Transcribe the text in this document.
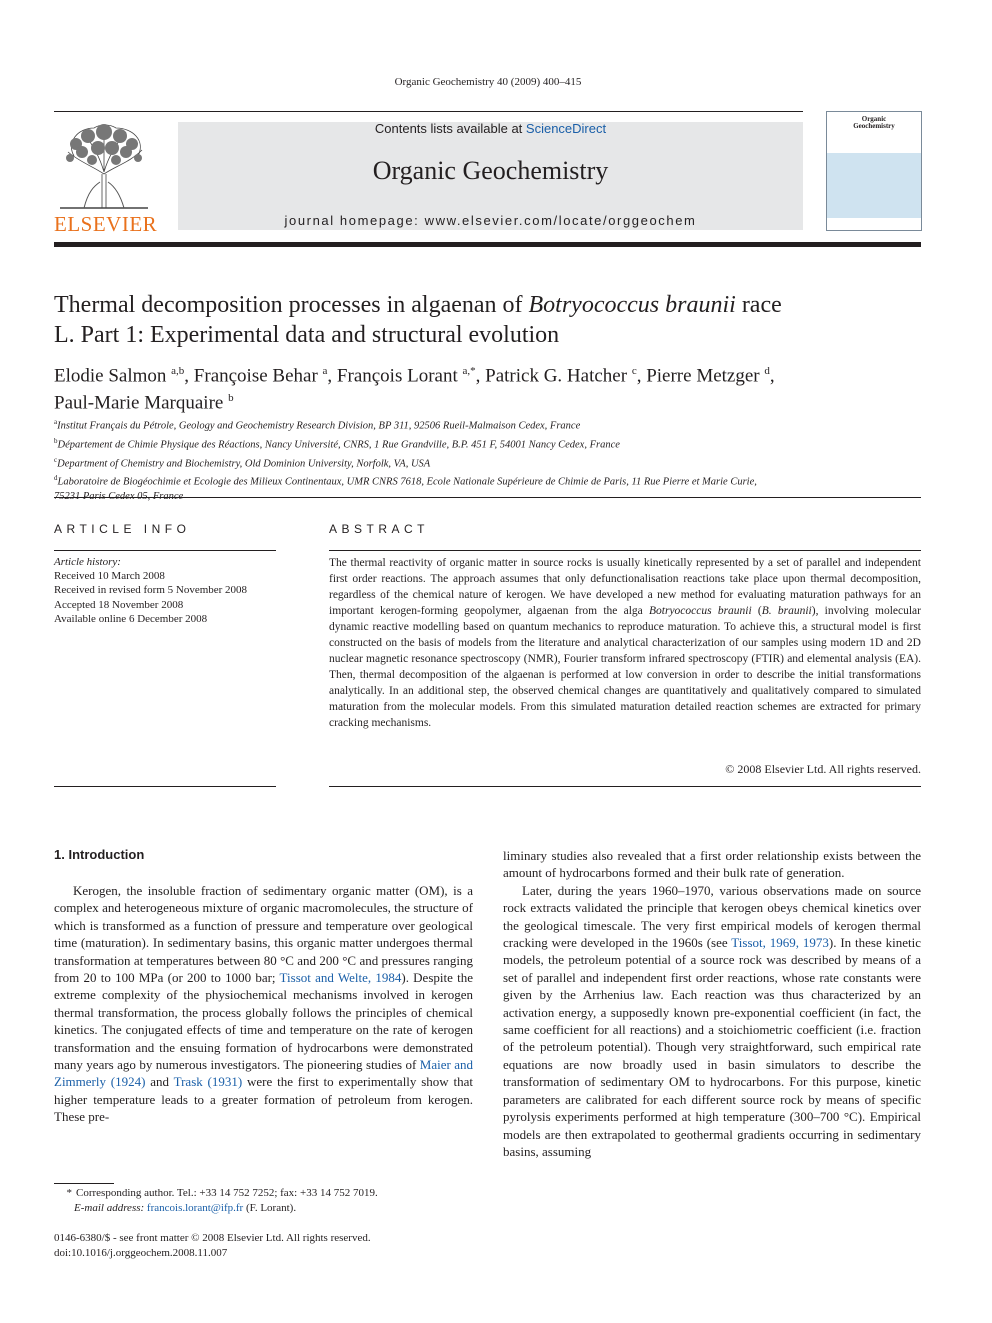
Organic Geochemistry 40 (2009) 400–415
ELSEVIER
Contents lists available at ScienceDirect
Organic Geochemistry
journal homepage: www.elsevier.com/locate/orggeochem
Organic
Geochemistry
Thermal decomposition processes in algaenan of Botryococcus braunii race
L. Part 1: Experimental data and structural evolution
Elodie Salmon $^{a,b}$, Françoise Behar $^a$, François Lorant $^{a,*}$, Patrick G. Hatcher $^c$, Pierre Metzger $^d$,
Paul-Marie Marquaire $^b$
$^a$Institut Français du Pétrole, Geology and Geochemistry Research Division, BP 311, 92506 Rueil-Malmaison Cedex, France
$^b$Département de Chimie Physique des Réactions, Nancy Université, CNRS, 1 Rue Grandville, B.P. 451 F, 54001 Nancy Cedex, France
$^c$Department of Chemistry and Biochemistry, Old Dominion University, Norfolk, VA, USA
$^d$Laboratoire de Biogéochimie et Ecologie des Milieux Continentaux, UMR CNRS 7618, Ecole Nationale Supérieure de Chimie de Paris, 11 Rue Pierre et Marie Curie,
75231 Paris Cedex 05, France
ARTICLE INFO
Article history:
Received 10 March 2008
Received in revised form 5 November 2008
Accepted 18 November 2008
Available online 6 December 2008
ABSTRACT
The thermal reactivity of organic matter in source rocks is usually kinetically represented by a set of parallel and independent first order reactions. The approach assumes that only defunctionalisation reactions take place upon thermal decomposition, regardless of the chemical nature of kerogen. We have developed a new method for evaluating maturation pathways for an important kerogen-forming geopolymer, algaenan from the alga Botryococcus braunii (B. braunii), involving molecular dynamic reactive modelling based on quantum mechanics to reproduce maturation. To achieve this, a structural model is first constructed on the basis of models from the literature and analytical characterization of our samples using modern 1D and 2D nuclear magnetic resonance spectroscopy (NMR), Fourier transform infrared spectroscopy (FTIR) and elemental analysis (EA). Then, thermal decomposition of the algaenan is performed at low conversion in order to describe the initial transformations analytically. In an additional step, the observed chemical changes are quantitatively and qualitatively compared to simulated maturation from the molecular models. From this simulated maturation detailed reaction schemes are extracted for primary cracking mechanisms.
© 2008 Elsevier Ltd. All rights reserved.
1. Introduction

Kerogen, the insoluble fraction of sedimentary organic matter (OM), is a complex and heterogeneous mixture of organic macromolecules, the structure of which is transformed as a function of pressure and temperature over geological time (maturation). In sedimentary basins, this organic matter undergoes thermal transformation at temperatures between 80 °C and 200 °C and pressures ranging from 20 to 100 MPa (or 200 to 1000 bar; Tissot and Welte, 1984). Despite the extreme complexity of the physiochemical mechanisms involved in kerogen thermal transformation, the process globally follows the principles of chemical kinetics. The conjugated effects of time and temperature on the rate of kerogen transformation and the ensuing formation of hydrocarbons were demonstrated many years ago by numerous investigators. The pioneering studies of Maier and Zimmerly (1924) and Trask (1931) were the first to experimentally show that higher temperature leads to a greater formation of petroleum from kerogen. These pre-

liminary studies also revealed that a first order relationship exists between the amount of hydrocarbons formed and their bulk rate of generation.

Later, during the years 1960–1970, various observations made on source rock extracts validated the principle that kerogen obeys chemical kinetics over the geological timescale. The very first empirical models of kerogen thermal cracking were developed in the 1960s (see Tissot, 1969, 1973). In these kinetic models, the petroleum potential of a source rock was described by means of a set of parallel and independent first order reactions, whose rate constants were given by the Arrhenius law. Each reaction was thus characterized by an activation energy, a supposedly known pre-exponential coefficient (in fact, the same coefficient for all reactions) and a stoichiometric coefficient (i.e. fraction of the petroleum potential). Though very straightforward, such empirical rate equations are now broadly used in basin simulators to describe the transformation of sedimentary OM to hydrocarbons. For this purpose, kinetic parameters are calibrated for each different source rock by means of specific pyrolysis experiments performed at high temperature (300–700 °C). Empirical models are then extrapolated to geothermal gradients occurring in sedimentary basins, assuming

* Corresponding author. Tel.: +33 14 752 7252; fax: +33 14 752 7019.
E-mail address: francois.lorant@ifp.fr (F. Lorant).
0146-6380/$ - see front matter © 2008 Elsevier Ltd. All rights reserved.
doi:10.1016/j.orggeochem.2008.11.007
